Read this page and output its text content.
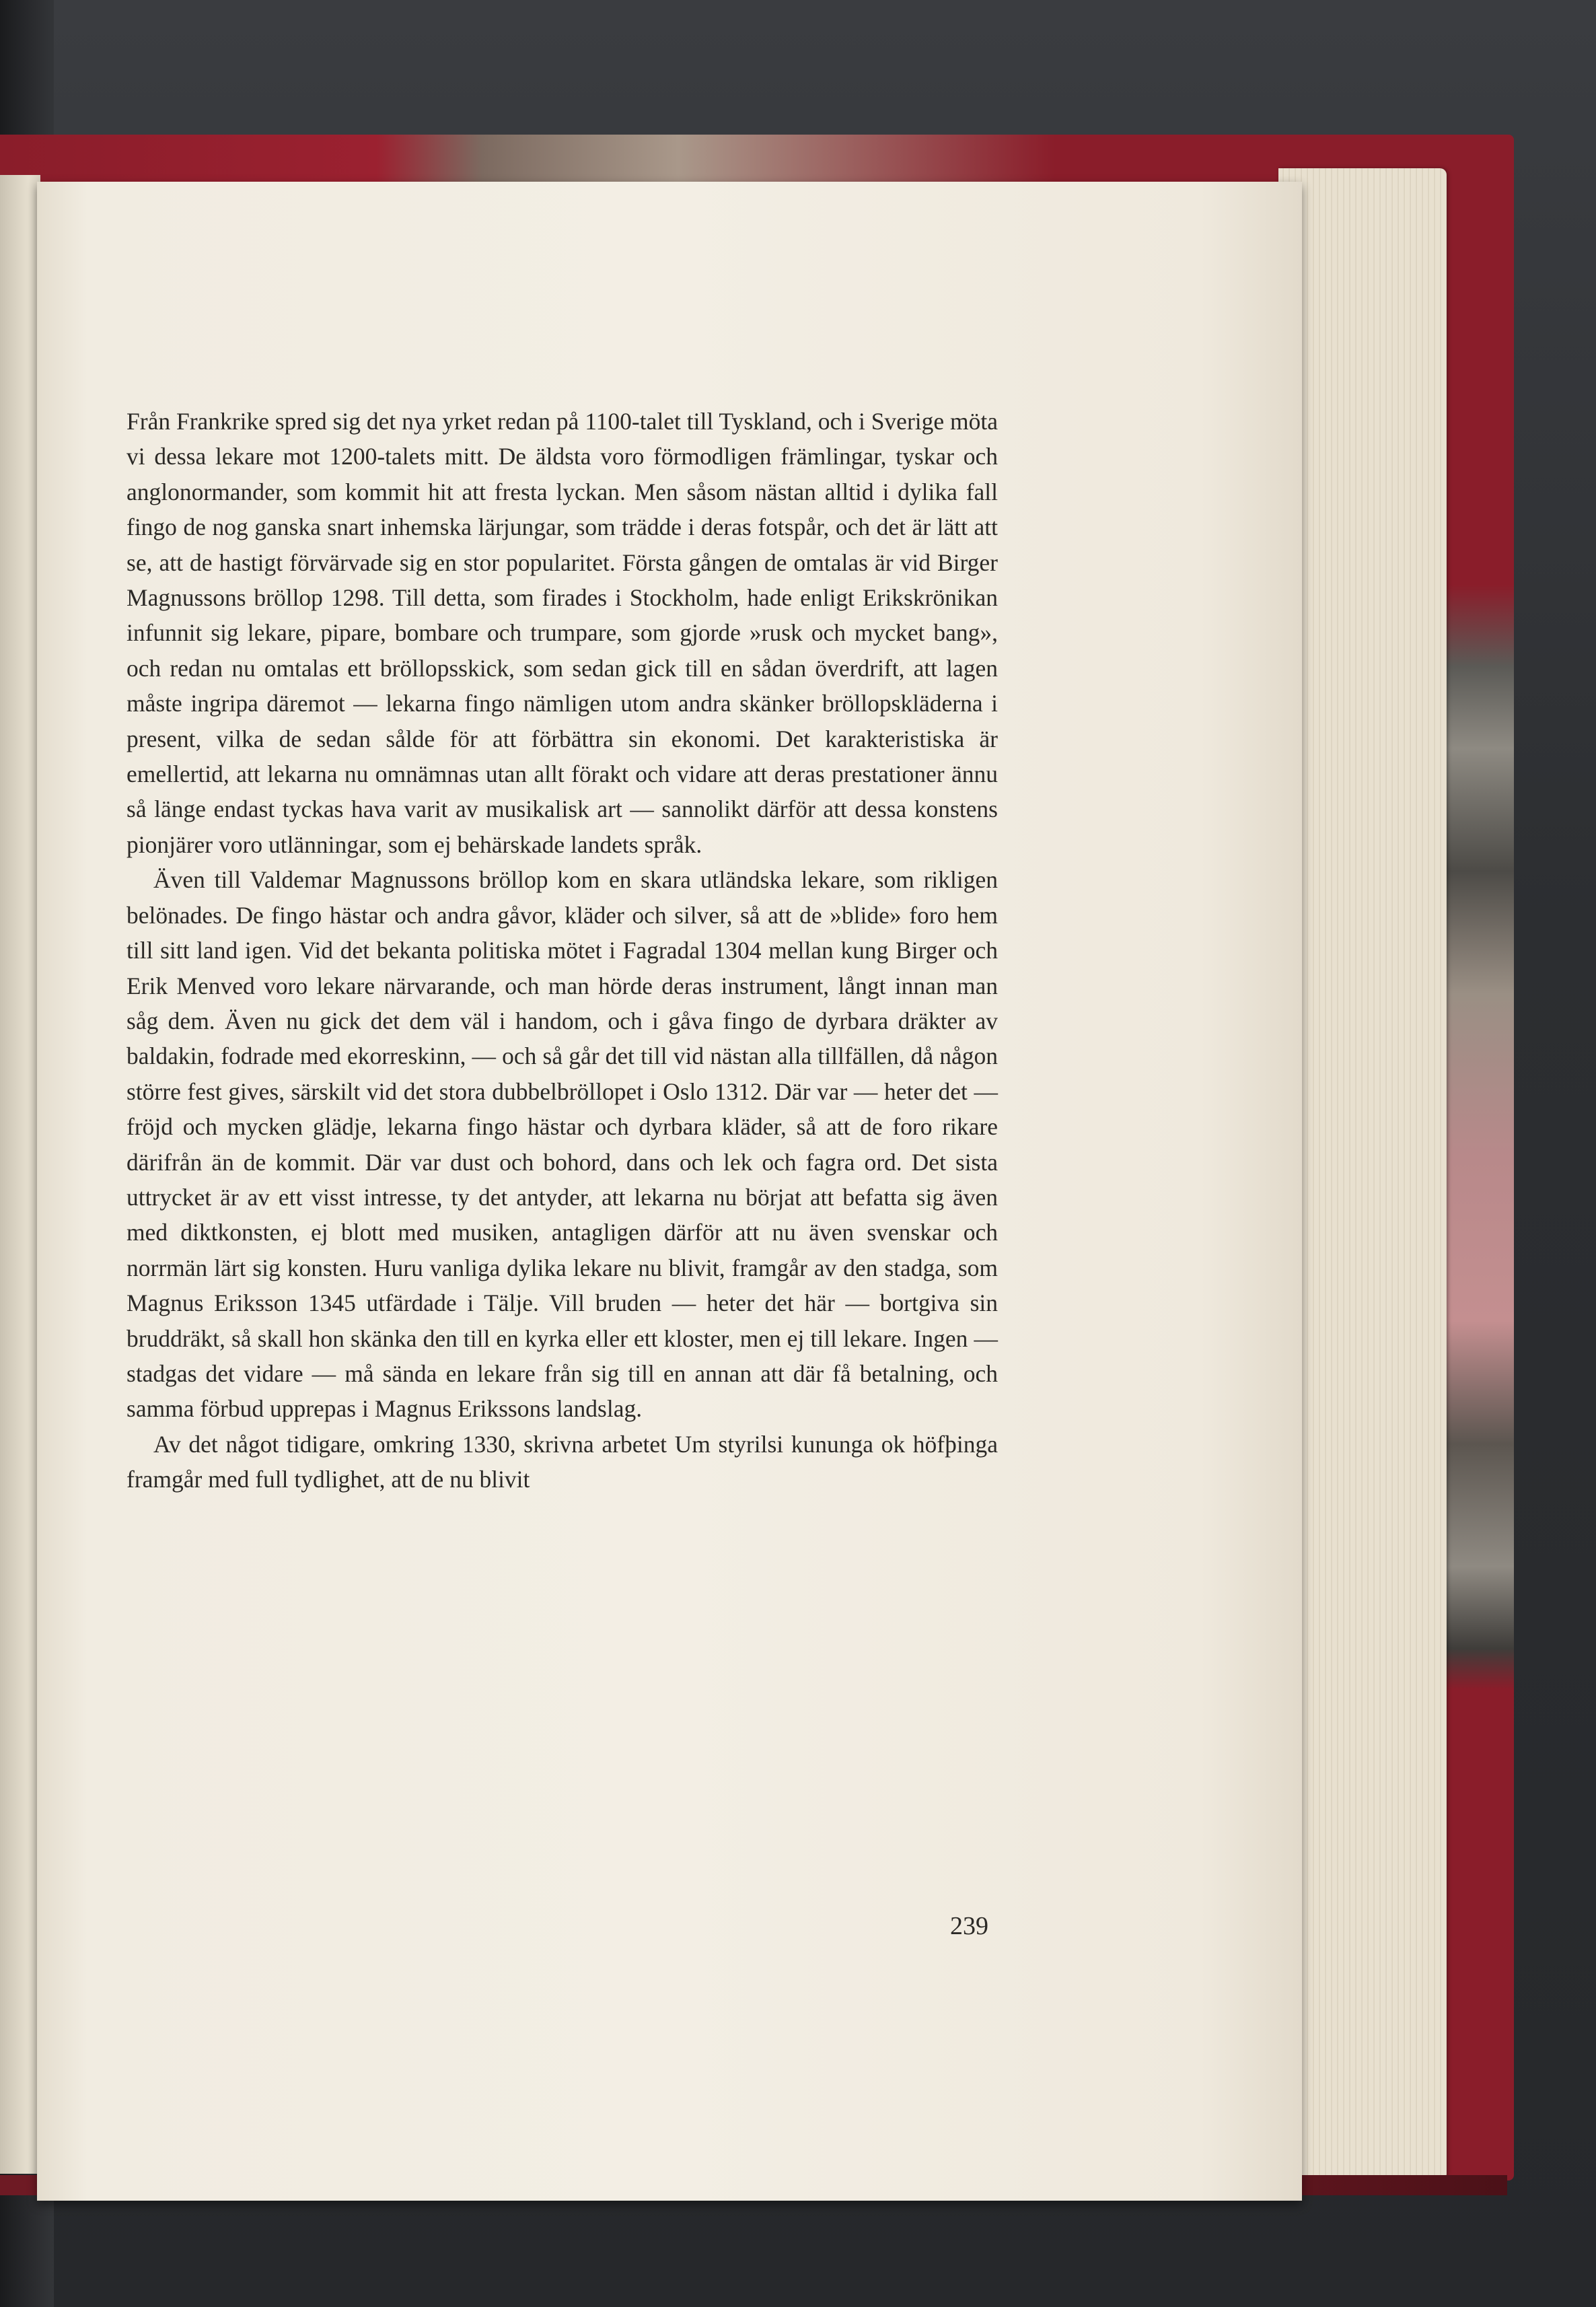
Från Frankrike spred sig det nya yrket redan på 1100-talet till Tyskland, och i Sverige möta vi dessa lekare mot 1200-talets mitt. De äldsta voro förmodligen främlingar, tyskar och anglonormander, som kommit hit att fresta lyckan. Men såsom nästan alltid i dylika fall fingo de nog ganska snart inhemska lärjungar, som trädde i deras fotspår, och det är lätt att se, att de hastigt förvärvade sig en stor popularitet. Första gången de omtalas är vid Birger Magnussons bröllop 1298. Till detta, som firades i Stockholm, hade enligt Erikskrönikan infunnit sig lekare, pipare, bombare och trumpare, som gjorde »rusk och mycket bang», och redan nu omtalas ett bröllopsskick, som sedan gick till en sådan överdrift, att lagen måste ingripa däremot — lekarna fingo nämligen utom andra skänker bröllopskläderna i present, vilka de sedan sålde för att förbättra sin ekonomi. Det karakteristiska är emellertid, att lekarna nu omnämnas utan allt förakt och vidare att deras prestationer ännu så länge endast tyckas hava varit av musikalisk art — sannolikt därför att dessa konstens pionjärer voro utlänningar, som ej behärskade landets språk.

Även till Valdemar Magnussons bröllop kom en skara utländska lekare, som rikligen belönades. De fingo hästar och andra gåvor, kläder och silver, så att de »blide» foro hem till sitt land igen. Vid det bekanta politiska mötet i Fagradal 1304 mellan kung Birger och Erik Menved voro lekare närvarande, och man hörde deras instrument, långt innan man såg dem. Även nu gick det dem väl i handom, och i gåva fingo de dyrbara dräkter av baldakin, fodrade med ekorreskinn, — och så går det till vid nästan alla tillfällen, då någon större fest gives, särskilt vid det stora dubbelbröllopet i Oslo 1312. Där var — heter det — fröjd och mycken glädje, lekarna fingo hästar och dyrbara kläder, så att de foro rikare därifrån än de kommit. Där var dust och bohord, dans och lek och fagra ord. Det sista uttrycket är av ett visst intresse, ty det antyder, att lekarna nu börjat att befatta sig även med diktkonsten, ej blott med musiken, antagligen därför att nu även svenskar och norrmän lärt sig konsten. Huru vanliga dylika lekare nu blivit, framgår av den stadga, som Magnus Eriksson 1345 utfärdade i Tälje. Vill bruden — heter det här — bortgiva sin bruddräkt, så skall hon skänka den till en kyrka eller ett kloster, men ej till lekare. Ingen — stadgas det vidare — må sända en lekare från sig till en annan att där få betalning, och samma förbud upprepas i Magnus Erikssons landslag.

Av det något tidigare, omkring 1330, skrivna arbetet Um styrilsi kununga ok höfþinga framgår med full tydlighet, att de nu blivit

239
